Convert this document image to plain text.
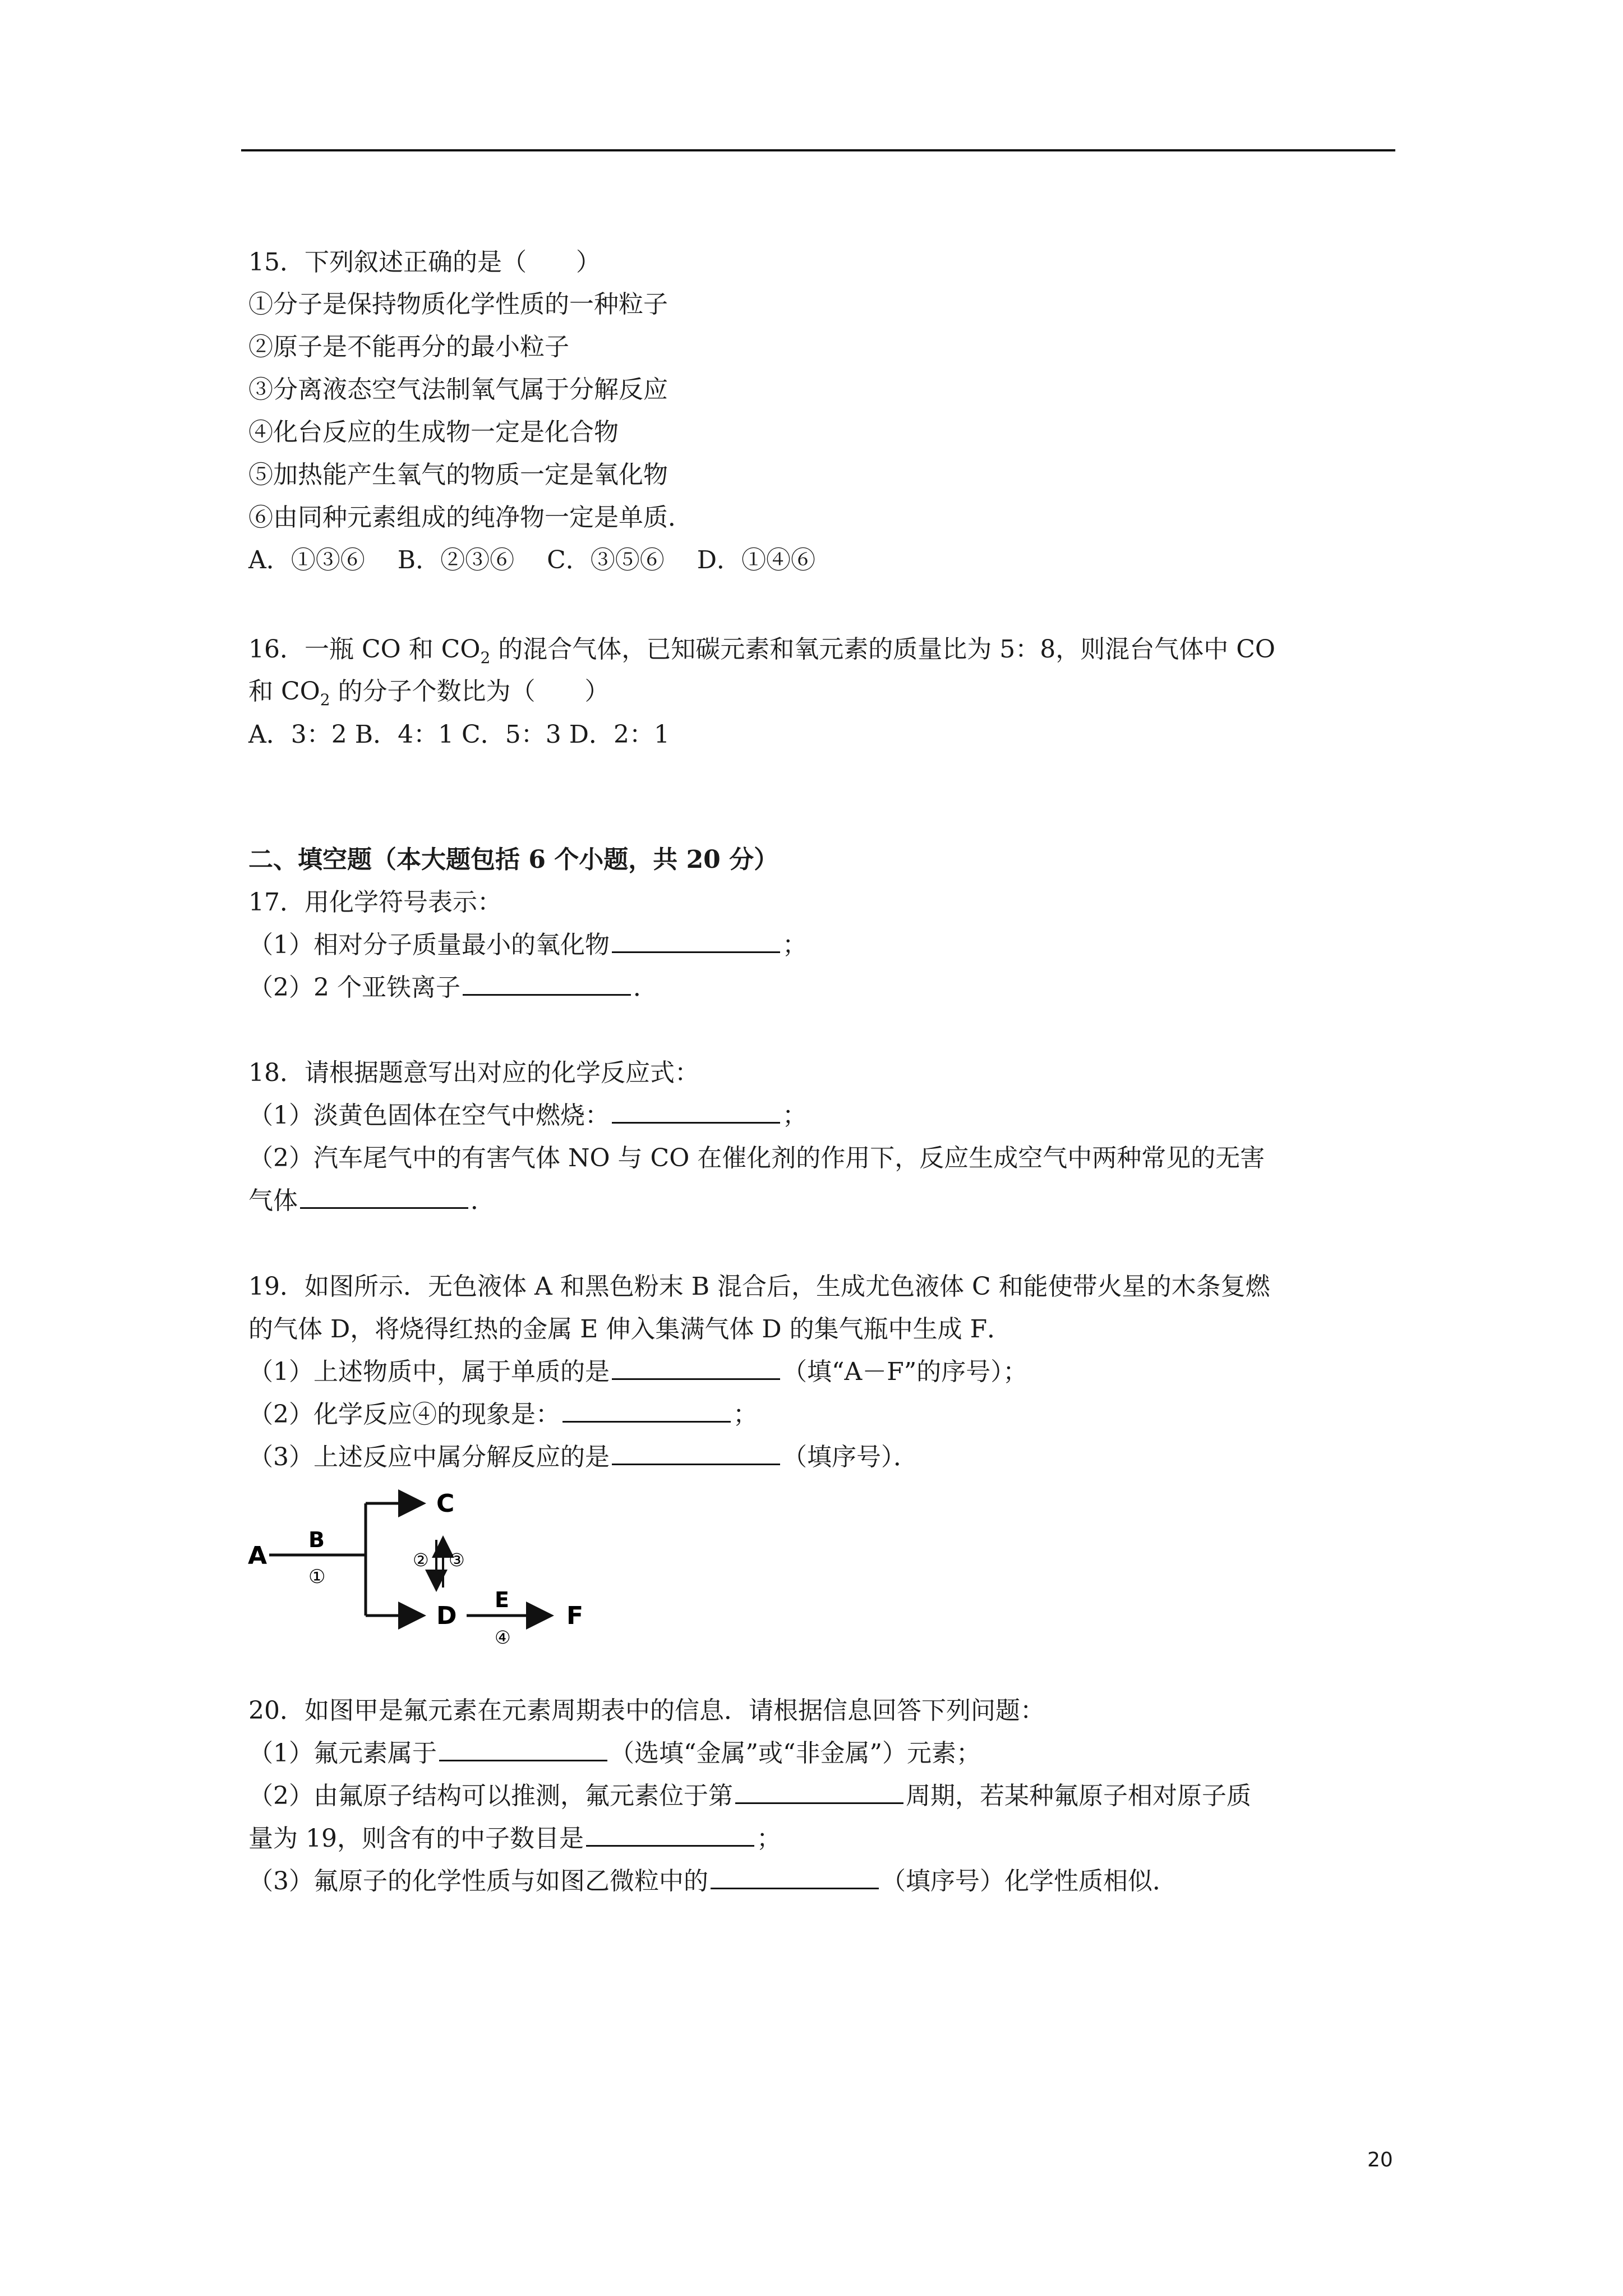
15．下列叙述正确的是（　　）
①分子是保持物质化学性质的一种粒子
②原子是不能再分的最小粒子
③分离液态空气法制氧气属于分解反应
④化台反应的生成物一定是化合物
⑤加热能产生氧气的物质一定是氧化物
⑥由同种元素组成的纯净物一定是单质．
A．①③⑥　 B．②③⑥　 C．③⑤⑥　 D．①④⑥
16．一瓶 CO 和 $CO_2$ 的混合气体，已知碳元素和氧元素的质量比为 5：8，则混台气体中 CO
和 $CO_2$ 的分子个数比为（　　）
A．3：2 B．4：1 C．5：3 D．2：1
二、填空题（本大题包括 6 个小题，共 20 分）
17．用化学符号表示：
（1）相对分子质量最小的氧化物	；
（2）2 个亚铁离子	．
18．请根据题意写出对应的化学反应式：
（1）淡黄色固体在空气中燃烧：	；
（2）汽车尾气中的有害气体 NO 与 CO 在催化剂的作用下，反应生成空气中两种常见的无害
气体	．
19．如图所示．无色液体 A 和黑色粉末 B 混合后，生成尤色液体 C 和能使带火星的木条复燃
的气体 D，将烧得红热的金属 E 伸入集满气体 D 的集气瓶中生成 F．
（1）上述物质中，属于单质的是	（填“A－F”的序号）；
（2）化学反应④的现象是：	；
（3）上述反应中属分解反应的是	（填序号）．
A
B
①
C
D
② ③
E
④
F
20．如图甲是氟元素在元素周期表中的信息．请根据信息回答下列问题：
（1）氟元素属于	（选填“金属”或“非金属”）元素；
（2）由氟原子结构可以推测，氟元素位于第	周期，若某种氟原子相对原子质
量为 19，则含有的中子数目是	；
（3）氟原子的化学性质与如图乙微粒中的	（填序号）化学性质相似．
20
